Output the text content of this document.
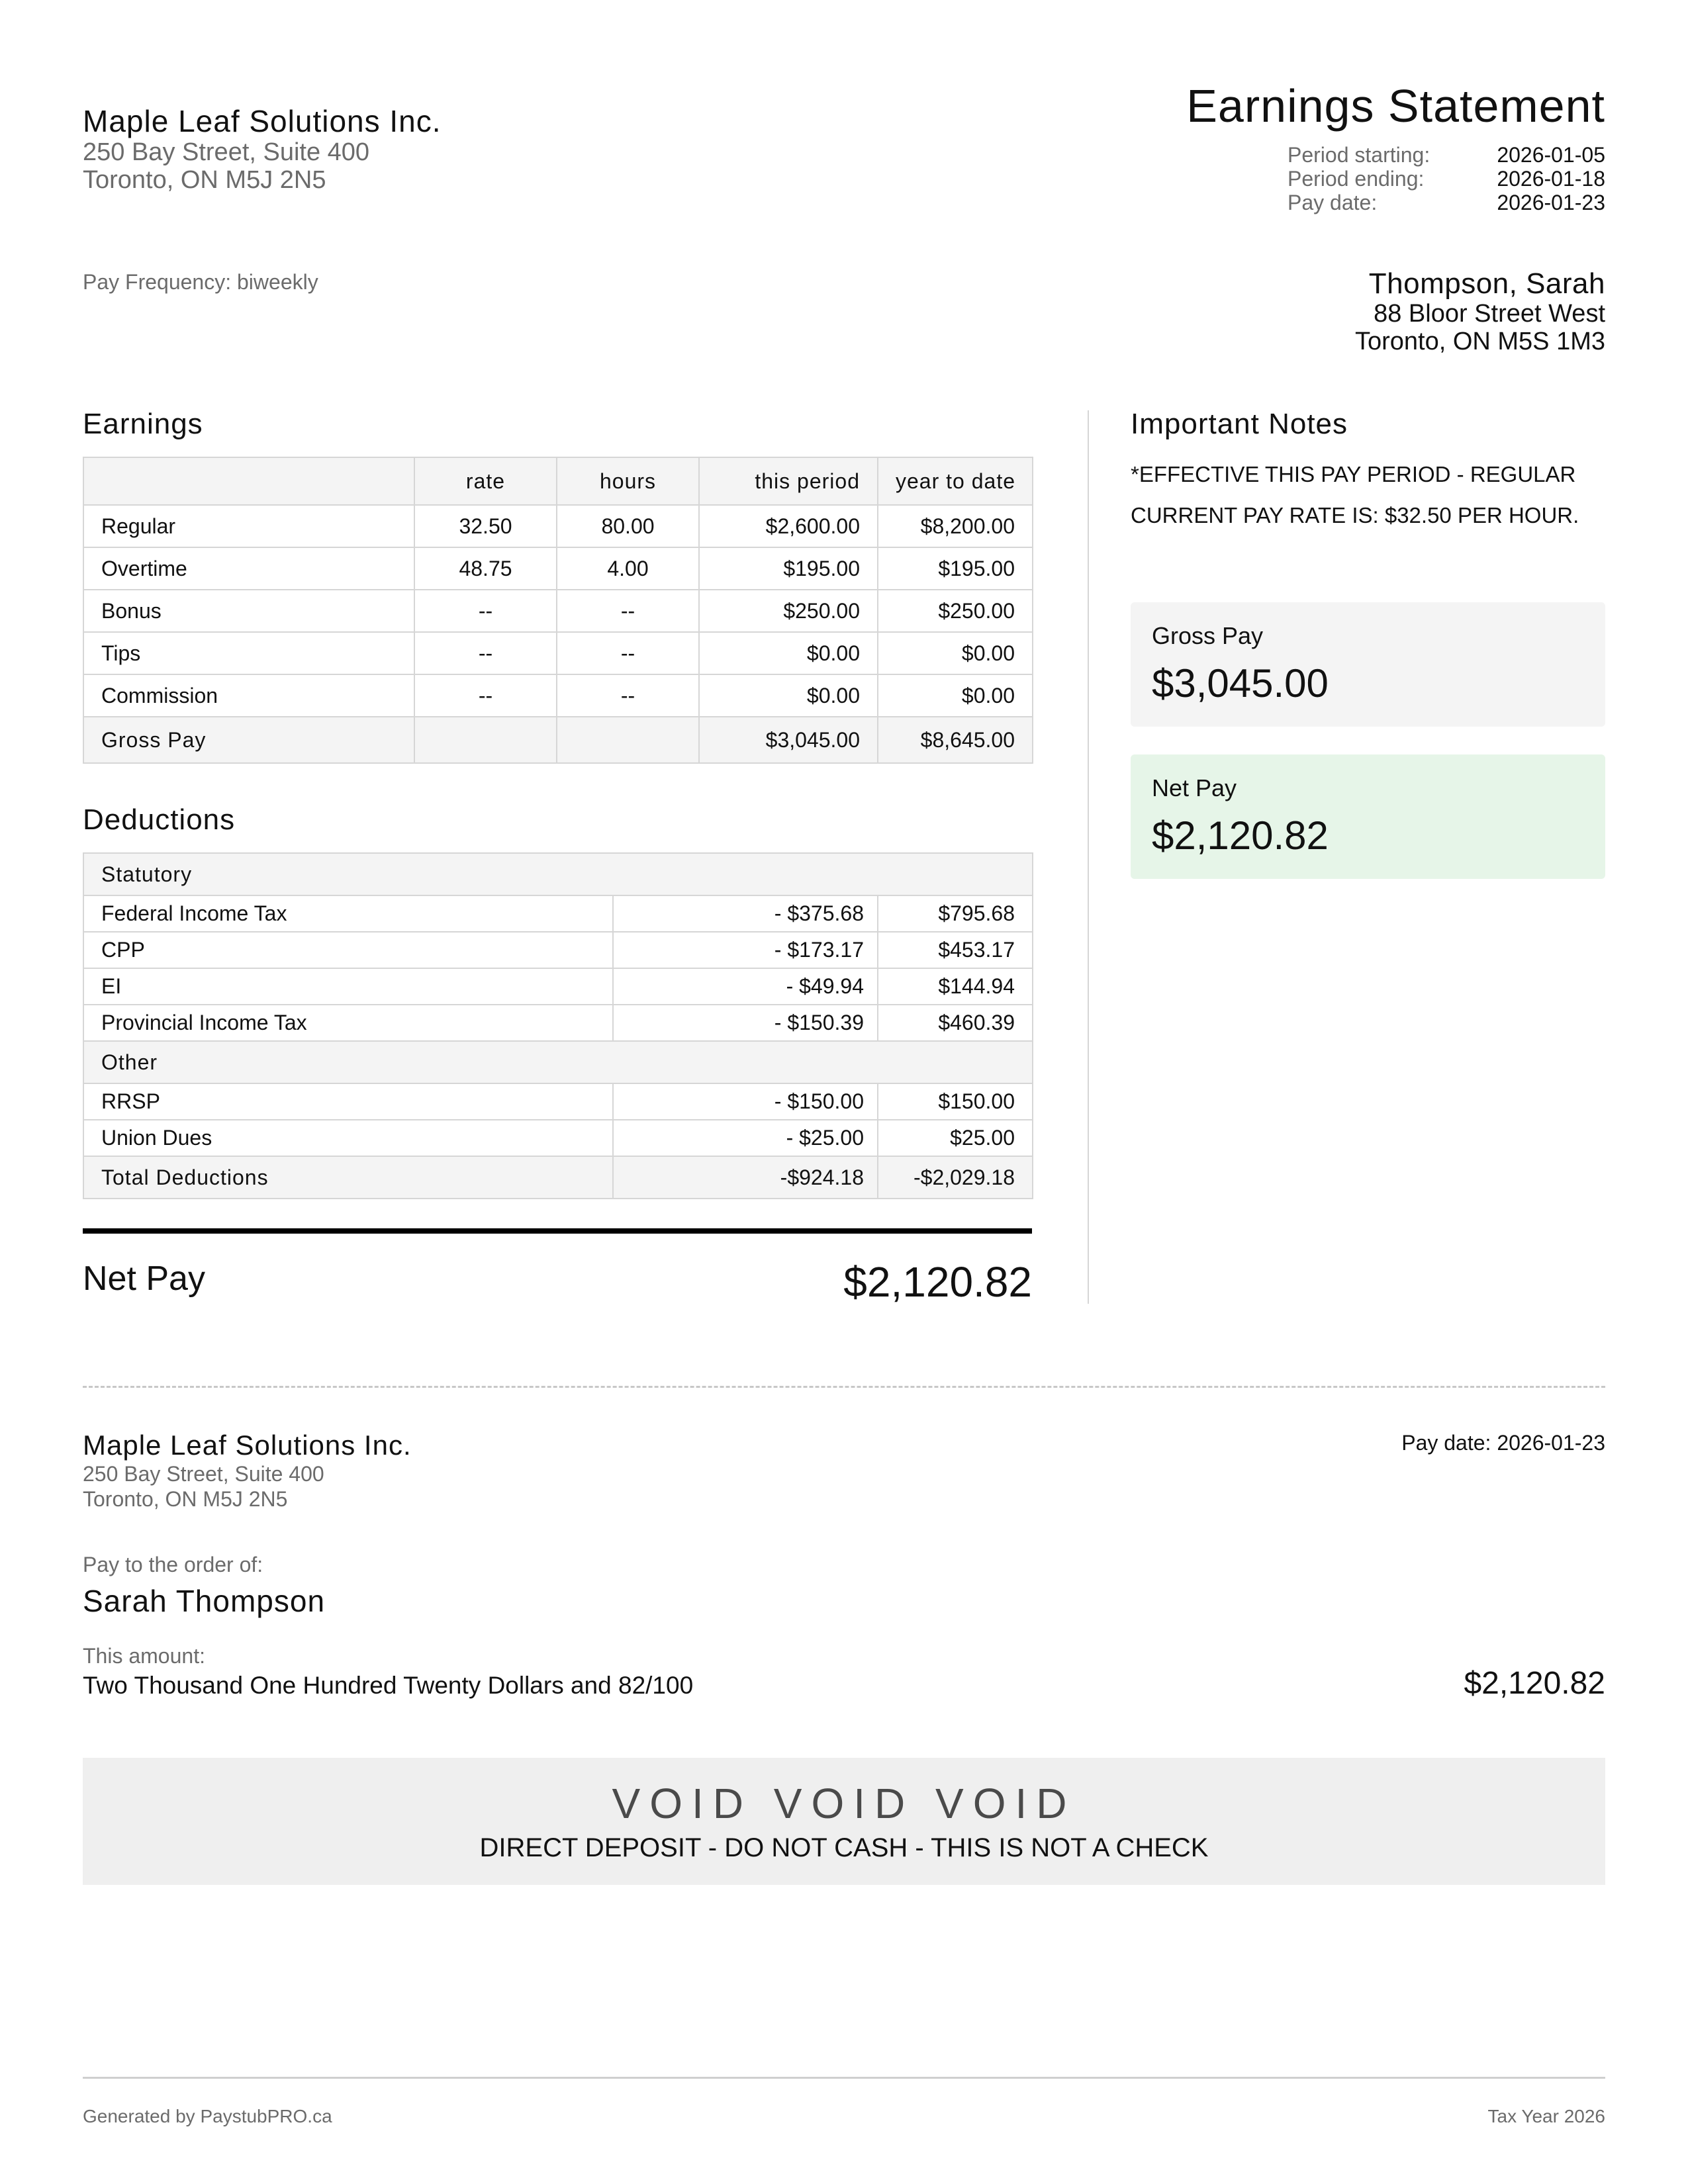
Maple Leaf Solutions Inc.
250 Bay Street, Suite 400
Toronto, ON M5J 2N5
Earnings Statement
Period starting:	2026-01-05
Period ending:	2026-01-18
Pay date:	2026-01-23
Pay Frequency: biweekly	Thompson, Sarah
88 Bloor Street West
Toronto, ON M5S 1M3
Earnings
	rate	hours	this period	year to date
Regular	32.50	80.00	$2,600.00	$8,200.00
Overtime	48.75	4.00	$195.00	$195.00
Bonus	--	--	$250.00	$250.00
Tips	--	--	$0.00	$0.00
Commission	--	--	$0.00	$0.00
Gross Pay			$3,045.00	$8,645.00
Deductions
Statutory		
Federal Income Tax	- $375.68	$795.68
CPP	- $173.17	$453.17
EI	- $49.94	$144.94
Provincial Income Tax	- $150.39	$460.39
Other		
RRSP	- $150.00	$150.00
Union Dues	- $25.00	$25.00
Total Deductions	-$924.18	-$2,029.18
Net Pay	$2,120.82
Important Notes
*EFFECTIVE THIS PAY PERIOD - REGULAR
CURRENT PAY RATE IS: $32.50 PER HOUR.
Gross Pay
$3,045.00
Net Pay
$2,120.82
Maple Leaf Solutions Inc.
250 Bay Street, Suite 400
Toronto, ON M5J 2N5
Pay date: 2026-01-23
Pay to the order of:
Sarah Thompson
This amount:
Two Thousand One Hundred Twenty Dollars and 82/100	$2,120.82
VOID VOID VOID
DIRECT DEPOSIT - DO NOT CASH - THIS IS NOT A CHECK
Generated by PaystubPRO.ca	Tax Year 2026
